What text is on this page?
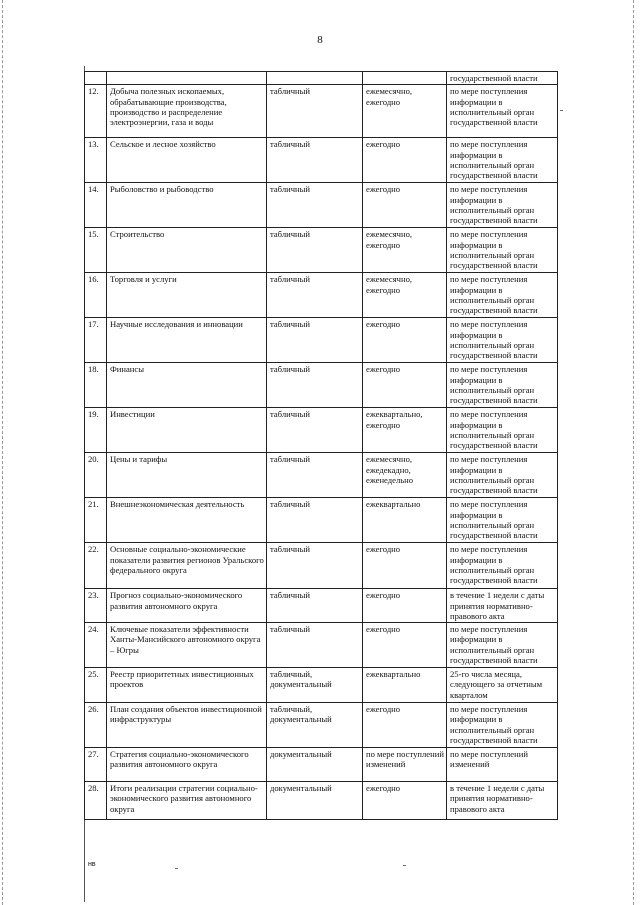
8
				государственной власти
12.	Добыча полезных ископаемых, обрабатывающие производства, производство и распределение электроэнергии, газа и воды	табличный	ежемесячно, ежегодно	по мере поступления информации в исполнительный орган государственной власти
13.	Сельское и лесное хозяйство	табличный	ежегодно	по мере поступления информации в исполнительный орган государственной власти
14.	Рыболовство и рыбоводство	табличный	ежегодно	по мере поступления информации в исполнительный орган государственной власти
15.	Строительство	табличный	ежемесячно, ежегодно	по мере поступления информации в исполнительный орган государственной власти
16.	Торговля и услуги	табличный	ежемесячно, ежегодно	по мере поступления информации в исполнительный орган государственной власти
17.	Научные исследования и инновации	табличный	ежегодно	по мере поступления информации в исполнительный орган государственной власти
18.	Финансы	табличный	ежегодно	по мере поступления информации в исполнительный орган государственной власти
19.	Инвестиции	табличный	ежеквартально, ежегодно	по мере поступления информации в исполнительный орган государственной власти
20.	Цены и тарифы	табличный	ежемесячно, ежедекадно, еженедельно	по мере поступления информации в исполнительный орган государственной власти
21.	Внешнеэкономическая деятельность	табличный	ежеквартально	по мере поступления информации в исполнительный орган государственной власти
22.	Основные социально-экономические показатели развития регионов Уральского федерального округа	табличный	ежегодно	по мере поступления информации в исполнительный орган государственной власти
23.	Прогноз социально-экономического развития автономного округа	табличный	ежегодно	в течение 1 недели с даты принятия нормативно-правового акта
24.	Ключевые показатели эффективности Ханты-Мансийского автономного округа – Югры	табличный	ежегодно	по мере поступления информации в исполнительный орган государственной власти
25.	Реестр приоритетных инвестиционных проектов	табличный, документальный	ежеквартально	25-го числа месяца, следующего за отчетным кварталом
26.	План создания объектов инвестиционной инфраструктуры	табличный, документальный	ежегодно	по мере поступления информации в исполнительный орган государственной власти
27.	Стратегия социально-экономического развития автономного округа	документальный	по мере поступлений изменений	по мере поступлений изменений
28.	Итоги реализации стратегии социально-экономического развития автономного округа	документальный	ежегодно	в течение 1 недели с даты принятия нормативно-правового акта
нв
